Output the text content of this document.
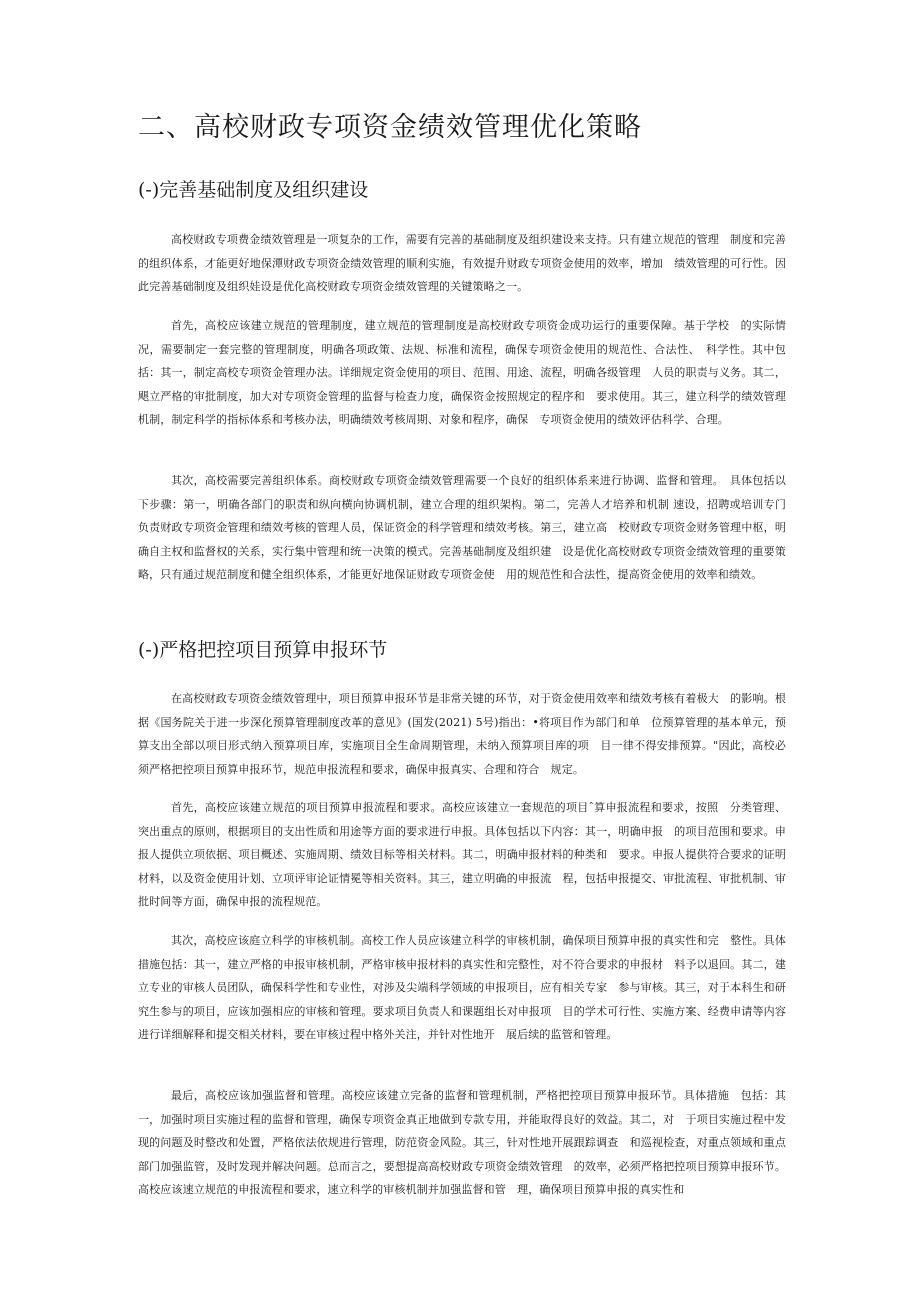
二、高校财政专项资金绩效管理优化策略
(-)完善基础制度及组织建设

高校财政专项费金绩效管理是一项复杂的工作，需要有完善的基础制度及组织建设来支持。只有建立规范的管理　制度和完善的组织体系，才能更好地保潭财政专项资金绩效管理的顺利实施，有效提升财政专项资金使用的效率，增加　绩效管理的可行性。因此完善基础制度及组织娃设是优化高校财政专项资金绩效管理的关键策略之一。

首先，高校应该建立规范的管理制度，建立规范的管理制度是高校财政专项资金成功运行的重要保障。基于学校　的实际情况，需要制定一套完整的管理制度，明确各项政策、法规、标准和流程，确保专项资金使用的规范性、合法性、　科学性。其中包括：其一，制定高校专项资金管理办法。详细规定资金使用的项目、范围、用途、流程，明确各级管理　人员的职责与义务。其二，飓立严格的审批制度，加大对专项资金管理的监督与检查力度，确保资金按照规定的程序和　要求使用。其三，建立科学的绩效管理机制，制定科学的指标体系和考核办法，明确绩效考核周期、对象和程序，确保　专项资金使用的绩效评估科学、合理。

其次，高校需要完善组织体系。商校财政专项资金绩效管理需要一个良好的组织体系来进行协调、监督和管理。　具体包括以下步骤：第一，明确各部门的职责和纵向横向协调机制，建立合理的组织架构。第二，完善人才培养和机制 速设，招聘或培训专门负责财政专项资金管理和绩效考核的管理人员，保证资金的科学管理和绩效考核。第三，建立高　校财政专项资金财务管理中枢，明确自主权和监督权的关系，实行集中管理和统一决策的模式。完善基础制度及组织建　设是优化高校财政专项资金绩效管理的重要策略，只有通过规范制度和健全组织体系，才能更好地保证财政专项资金使　用的规范性和合法性，提高资金使用的效率和绩效。

(-)严格把控项目预算申报环节

在高校财政专项资金绩效管理中，项目预算申报环节是非常关键的环节，对于资金使用效率和绩效考核有着极大　的影响。根据《国务院关于进一步深化预算管理制度改革的意见》(国发(2021) 5号)指出：•将项目作为部门和单　位预算管理的基本单元，预算支出全部以项目形式纳入预算项目库，实施项目全生命周期管理，未纳入预算项目库的项　目一律不得安排预算。"因此，高校必须严格把控项目预算申报环节，规范申报流程和要求，确保申报真实、合理和符合　规定。

首先，高校应该建立规范的项目预算申报流程和要求。高校应该建立一套规范的项目ˆ算申报流程和要求，按照　分类管理、突出重点的原则，根据项目的支出性质和用途等方面的要求进行申报。具体包括以下内容：其一，明确申报　的项目范围和要求。申报人提供立项依据、项目概述、实施周期、绩效目标等相关材料。其二，明确申报材料的种类和　要求。申报人提供符合要求的证明材料，以及资金使用计划、立项评审论证情冕等相关资料。其三，建立明确的申报流　程，包括申报提交、审批流程、审批机制、审批时间等方面，确保申报的流程规范。

其次，高校应该庭立科学的审核机制。高校工作人员应该建立科学的审核机制，确保项目预算申报的真实性和完　整性。具体措施包括：其一，建立严格的申报审核机制，严格审核申报材料的真实性和完整性，对不符合要求的申报材　料予以退回。其二，建立专业的审核人员团队，确保科学性和专业性，对涉及尖端科学领域的申报项目，应有相关专家　参与审核。其三，对于本科生和研究生参与的项目，应该加强相应的审核和管理。要求项目负责人和课题组长对申报项　目的学术可行性、实施方案、经费申请等内容进行详细解释和提交相关材料，要在审核过程中格外关注，并针对性地开　展后续的监管和管理。

最后，高校应该加强监督和管理。高校应该建立完备的监督和管理机制，严格把控项目预算申报环节。具体措施　包括：其一，加强时项目实施过程的监督和管理，确保专项资金真正地做到专款专用，并能取得良好的效益。其二，对　于项目实施过程中发现的问题及时整改和处置，严格依法依规进行管理，防范资金风险。其三，针对性地开展跟踪调查　和巡视检查，对重点领域和重点部门加强监管，及时发现并解决问题。总而言之，要想提高高校财政专项资金绩效管理　的效率，必须严格把控项目预算申报环节。高校应该速立规范的申报流程和要求，速立科学的审核机制并加强监督和管　理，确保项目预算申报的真实性和
